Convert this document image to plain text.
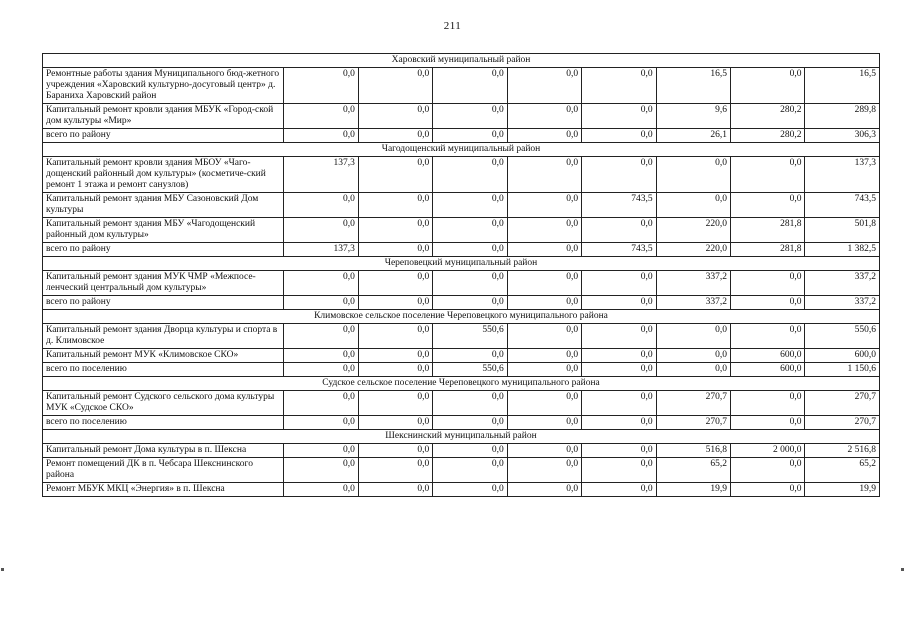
211
Харовский муниципальный район								
Ремонтные работы здания Муниципального бюд-жетного учреждения «Харовский культурно-досуговый центр» д. Бараниха Харовский район	0,0	0,0	0,0	0,0	0,0	16,5	0,0	16,5
Капитальный ремонт кровли здания МБУК «Город-ской дом культуры «Мир»	0,0	0,0	0,0	0,0	0,0	9,6	280,2	289,8
всего по району	0,0	0,0	0,0	0,0	0,0	26,1	280,2	306,3
Чагодощенский муниципальный район								
Капитальный ремонт кровли здания МБОУ «Чаго-дощенский районный дом культуры» (косметиче-ский ремонт 1 этажа и ремонт санузлов)	137,3	0,0	0,0	0,0	0,0	0,0	0,0	137,3
Капитальный ремонт здания МБУ Сазоновский Дом культуры	0,0	0,0	0,0	0,0	743,5	0,0	0,0	743,5
Капитальный ремонт здания МБУ «Чагодощенский районный дом культуры»	0,0	0,0	0,0	0,0	0,0	220,0	281,8	501,8
всего по району	137,3	0,0	0,0	0,0	743,5	220,0	281,8	1 382,5
Череповецкий муниципальный район								
Капитальный ремонт здания МУК ЧМР «Межпосе-ленческий центральный дом культуры»	0,0	0,0	0,0	0,0	0,0	337,2	0,0	337,2
всего по району	0,0	0,0	0,0	0,0	0,0	337,2	0,0	337,2
Климовское сельское поселение Череповецкого муниципального района								
Капитальный ремонт здания Дворца культуры и спорта в д. Климовское	0,0	0,0	550,6	0,0	0,0	0,0	0,0	550,6
Капитальный ремонт МУК «Климовское СКО»	0,0	0,0	0,0	0,0	0,0	0,0	600,0	600,0
всего по поселению	0,0	0,0	550,6	0,0	0,0	0,0	600,0	1 150,6
Судское сельское поселение Череповецкого муниципального района								
Капитальный ремонт Судского сельского дома культуры МУК «Судское СКО»	0,0	0,0	0,0	0,0	0,0	270,7	0,0	270,7
всего по поселению	0,0	0,0	0,0	0,0	0,0	270,7	0,0	270,7
Шекснинский муниципальный район								
Капитальный ремонт Дома культуры в п. Шексна	0,0	0,0	0,0	0,0	0,0	516,8	2 000,0	2 516,8
Ремонт помещений ДК в п. Чебсара Шекснинского района	0,0	0,0	0,0	0,0	0,0	65,2	0,0	65,2
Ремонт МБУК МКЦ «Энергия» в п. Шексна	0,0	0,0	0,0	0,0	0,0	19,9	0,0	19,9
